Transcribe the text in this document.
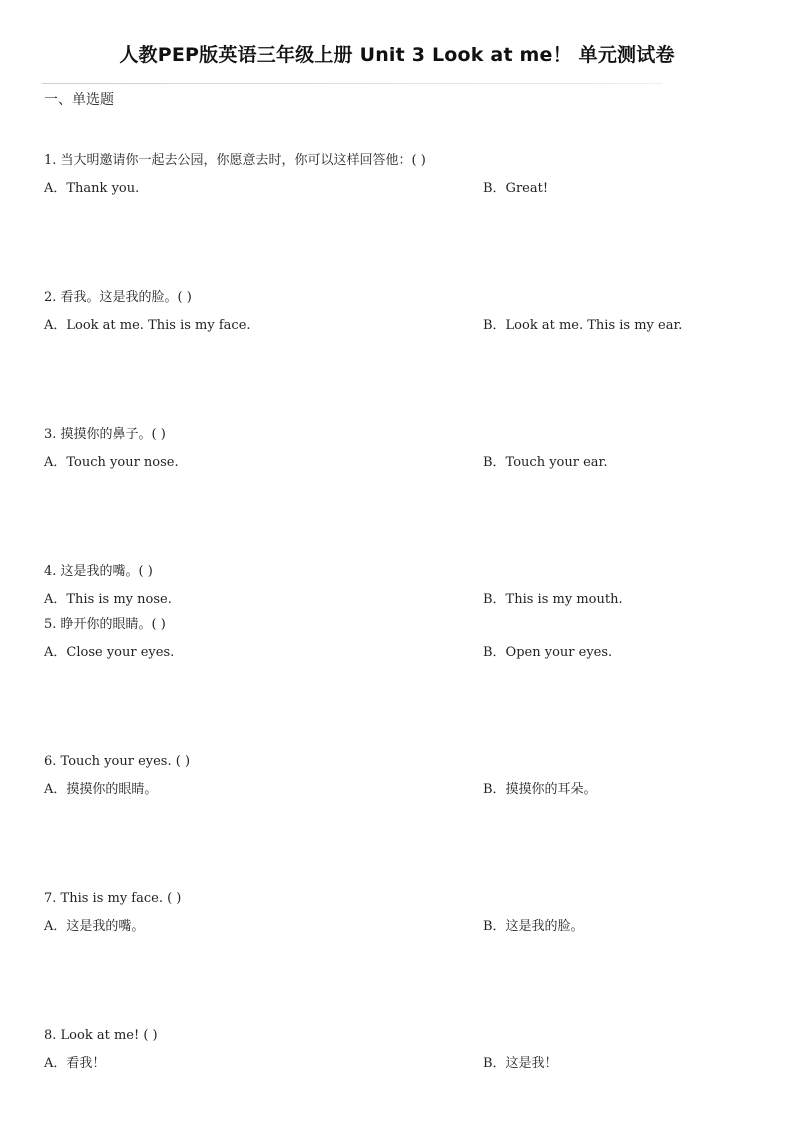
人教PEP版英语三年级上册 Unit 3 Look at me！ 单元测试卷
一、单选题
1. 当大明邀请你一起去公园，你愿意去时，你可以这样回答他：( )
A．Thank you.	B．Great!
2. 看我。这是我的脸。( )
A．Look at me. This is my face.	B．Look at me. This is my ear.
3. 摸摸你的鼻子。( )
A．Touch your nose.	B．Touch your ear.
4. 这是我的嘴。( )
A．This is my nose.	B．This is my mouth.
5. 睁开你的眼睛。( )
A．Close your eyes.	B．Open your eyes.
6. Touch your eyes. ( )
A．摸摸你的眼睛。	B．摸摸你的耳朵。
7. This is my face. ( )
A．这是我的嘴。	B．这是我的脸。
8. Look at me! ( )
A．看我！	B．这是我！
